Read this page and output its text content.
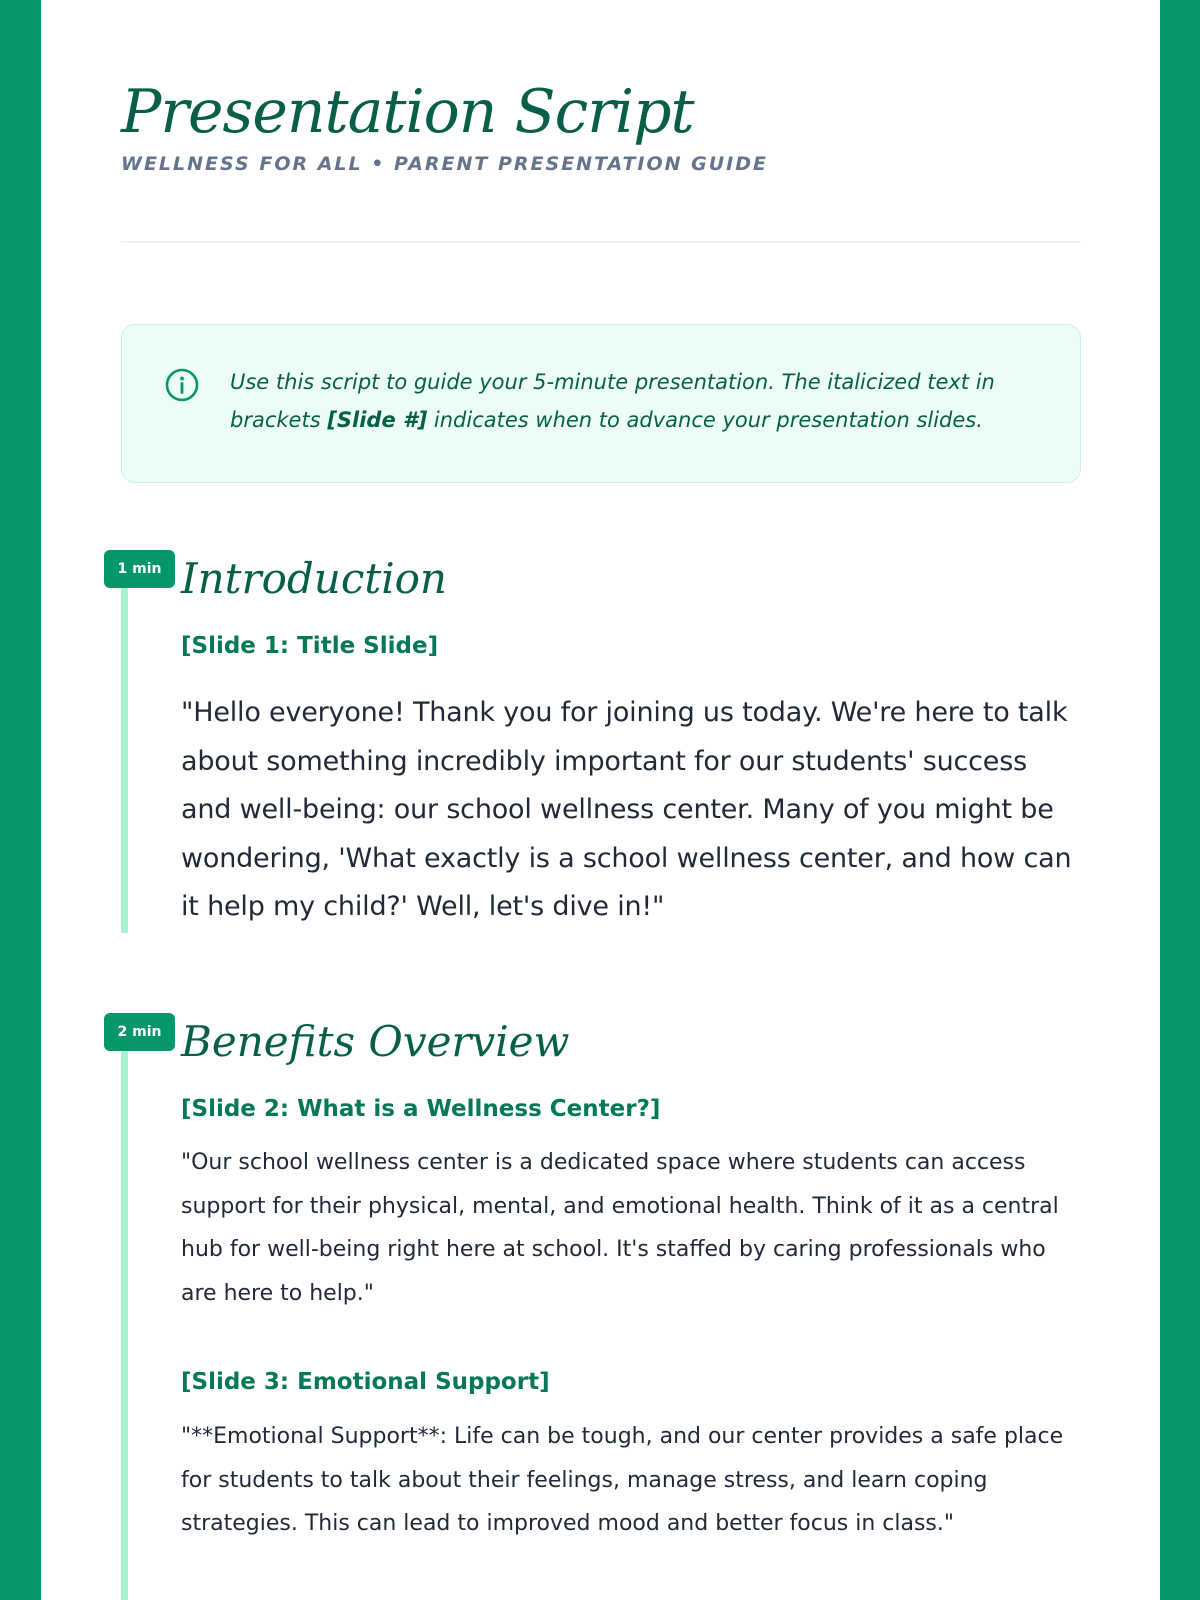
Presentation Script
WELLNESS FOR ALL • PARENT PRESENTATION GUIDE
Use this script to guide your 5-minute presentation. The italicized text in brackets [Slide #] indicates when to advance your presentation slides.
1 min Introduction
[Slide 1: Title Slide]
"Hello everyone! Thank you for joining us today. We're here to talk about something incredibly important for our students' success and well-being: our school wellness center. Many of you might be wondering, 'What exactly is a school wellness center, and how can it help my child?' Well, let's dive in!"
2 min Benefits Overview
[Slide 2: What is a Wellness Center?]
"Our school wellness center is a dedicated space where students can access support for their physical, mental, and emotional health. Think of it as a central hub for well-being right here at school. It's staffed by caring professionals who are here to help."
[Slide 3: Emotional Support]
"**Emotional Support**: Life can be tough, and our center provides a safe place for students to talk about their feelings, manage stress, and learn coping strategies. This can lead to improved mood and better focus in class."
